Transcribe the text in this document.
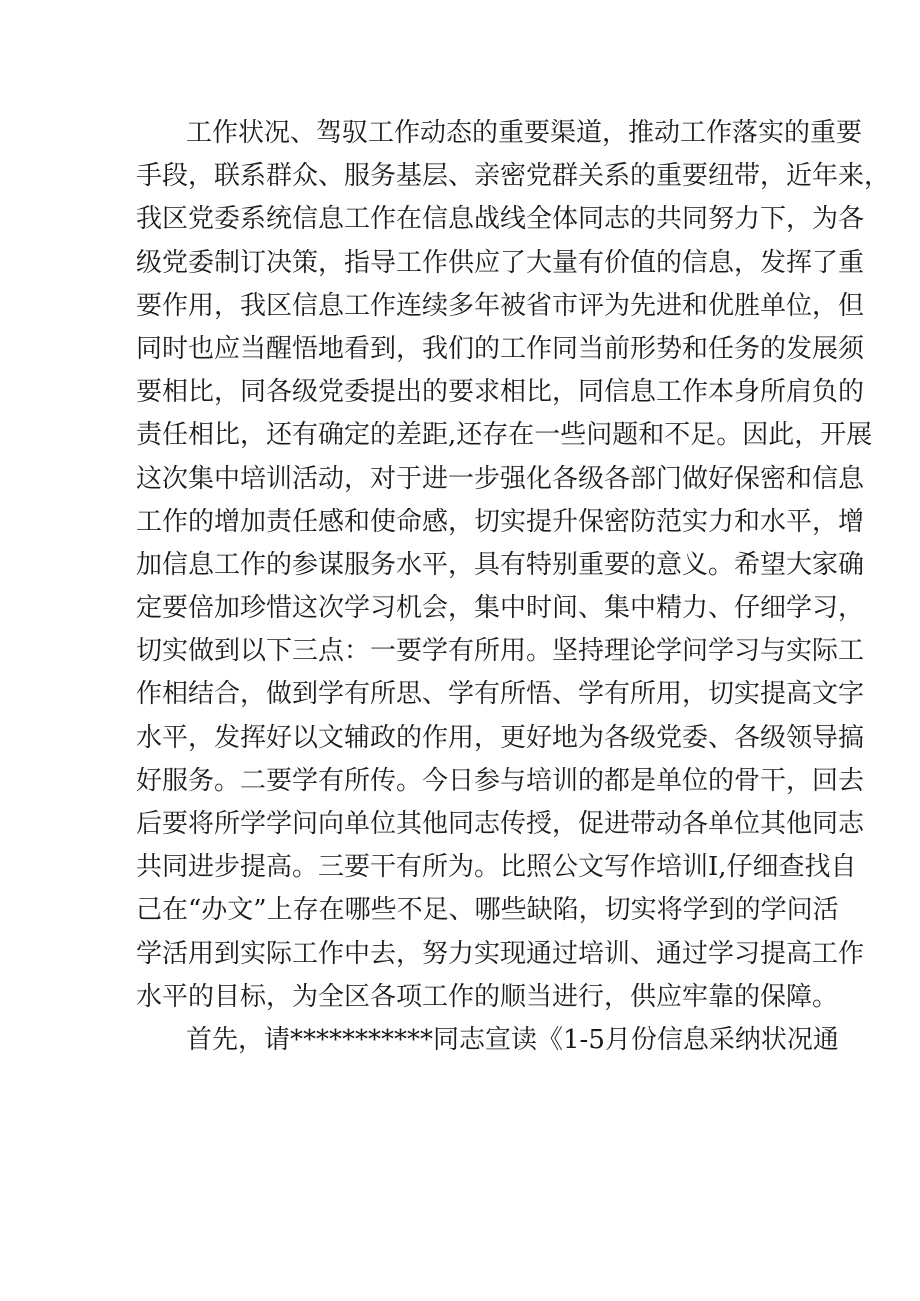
工作状况、驾驭工作动态的重要渠道，推动工作落实的重要
手段，联系群众、服务基层、亲密党群关系的重要纽带，近年来，
我区党委系统信息工作在信息战线全体同志的共同努力下，为各
级党委制订决策，指导工作供应了大量有价值的信息，发挥了重
要作用，我区信息工作连续多年被省市评为先进和优胜单位，但
同时也应当醒悟地看到，我们的工作同当前形势和任务的发展须
要相比，同各级党委提出的要求相比，同信息工作本身所肩负的
责任相比，还有确定的差距,还存在一些问题和不足。因此，开展
这次集中培训活动，对于进一步强化各级各部门做好保密和信息
工作的增加责任感和使命感，切实提升保密防范实力和水平，增
加信息工作的参谋服务水平，具有特别重要的意义。希望大家确
定要倍加珍惜这次学习机会，集中时间、集中精力、仔细学习，
切实做到以下三点：一要学有所用。坚持理论学问学习与实际工
作相结合，做到学有所思、学有所悟、学有所用，切实提高文字
水平，发挥好以文辅政的作用，更好地为各级党委、各级领导搞
好服务。二要学有所传。今日参与培训的都是单位的骨干，回去
后要将所学学问向单位其他同志传授，促进带动各单位其他同志
共同进步提高。三要干有所为。比照公文写作培训I,仔细查找自
己在“办文”上存在哪些不足、哪些缺陷，切实将学到的学问活
学活用到实际工作中去，努力实现通过培训、通过学习提高工作
水平的目标，为全区各项工作的顺当进行，供应牢靠的保障。
首先，请***********同志宣读《1-5月份信息采纳状况通
